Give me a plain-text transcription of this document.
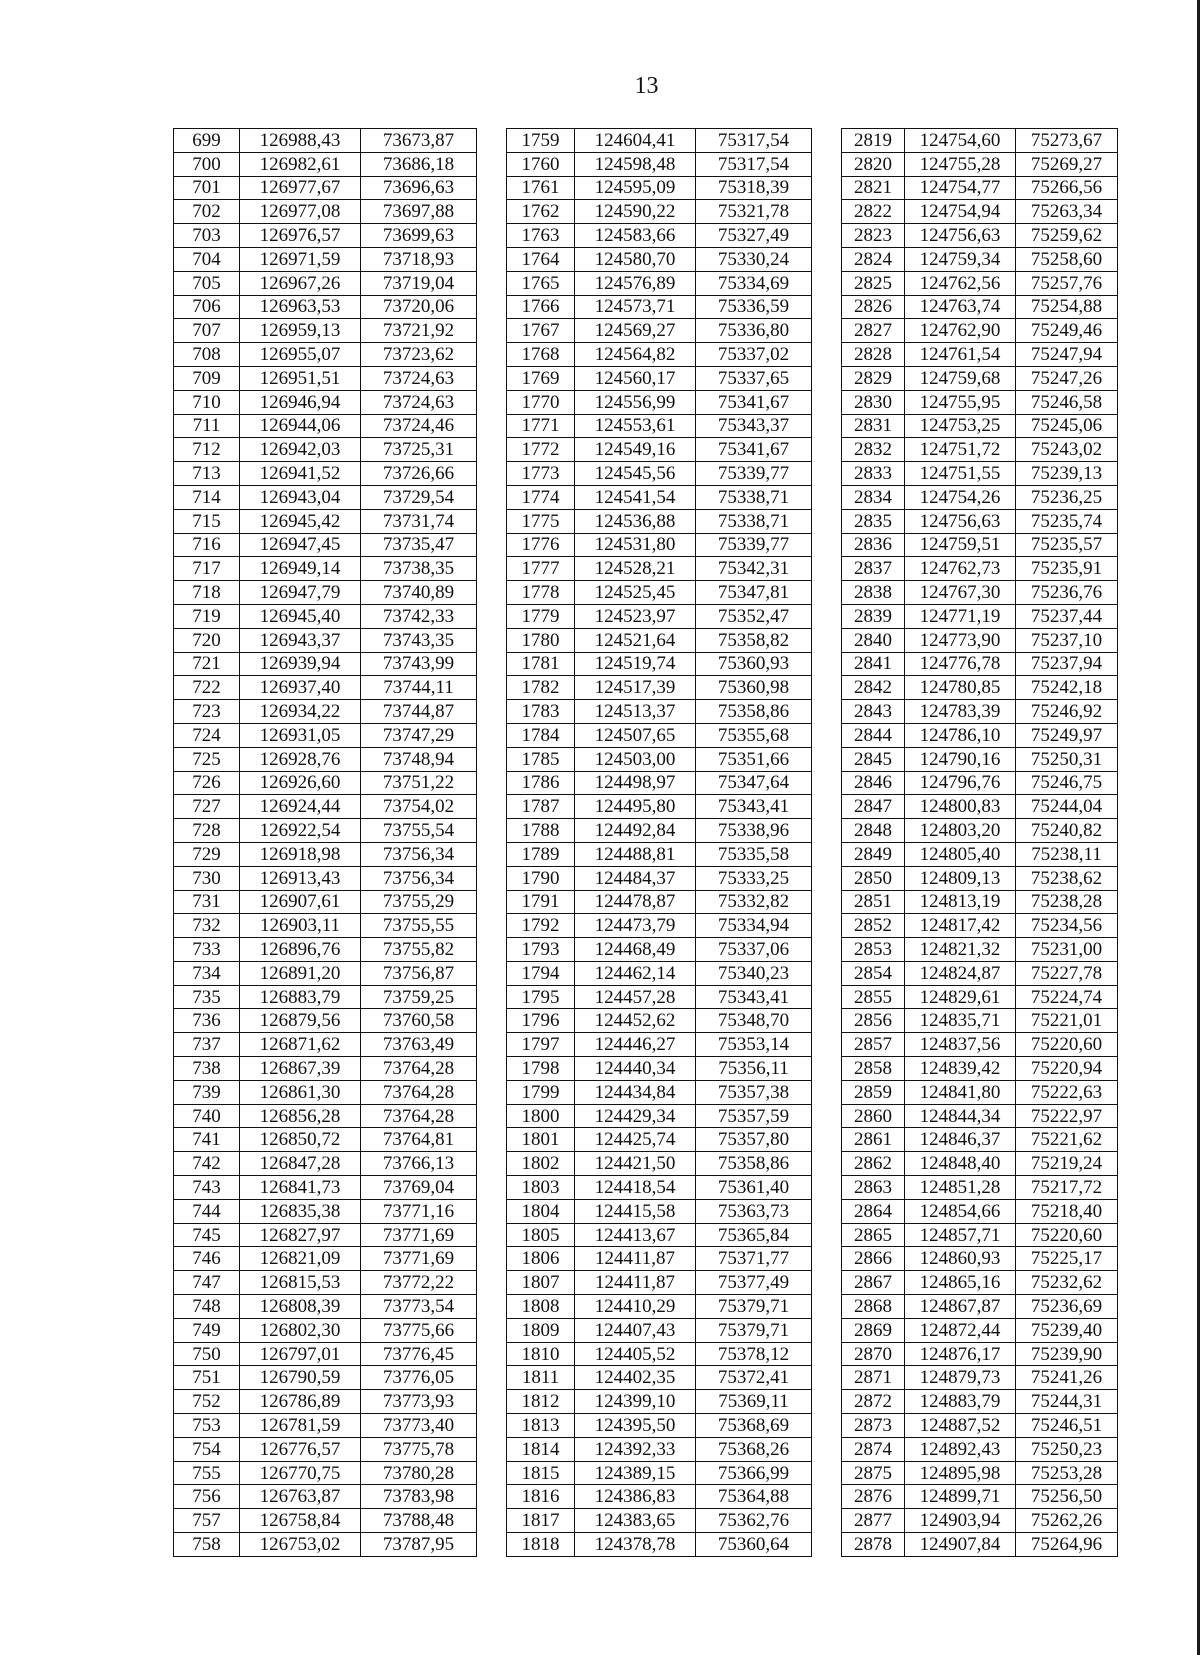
13
699	126988,43	73673,87		1759	124604,41	75317,54		2819	124754,60	75273,67
700	126982,61	73686,18		1760	124598,48	75317,54		2820	124755,28	75269,27
701	126977,67	73696,63		1761	124595,09	75318,39		2821	124754,77	75266,56
702	126977,08	73697,88		1762	124590,22	75321,78		2822	124754,94	75263,34
703	126976,57	73699,63		1763	124583,66	75327,49		2823	124756,63	75259,62
704	126971,59	73718,93		1764	124580,70	75330,24		2824	124759,34	75258,60
705	126967,26	73719,04		1765	124576,89	75334,69		2825	124762,56	75257,76
706	126963,53	73720,06		1766	124573,71	75336,59		2826	124763,74	75254,88
707	126959,13	73721,92		1767	124569,27	75336,80		2827	124762,90	75249,46
708	126955,07	73723,62		1768	124564,82	75337,02		2828	124761,54	75247,94
709	126951,51	73724,63		1769	124560,17	75337,65		2829	124759,68	75247,26
710	126946,94	73724,63		1770	124556,99	75341,67		2830	124755,95	75246,58
711	126944,06	73724,46		1771	124553,61	75343,37		2831	124753,25	75245,06
712	126942,03	73725,31		1772	124549,16	75341,67		2832	124751,72	75243,02
713	126941,52	73726,66		1773	124545,56	75339,77		2833	124751,55	75239,13
714	126943,04	73729,54		1774	124541,54	75338,71		2834	124754,26	75236,25
715	126945,42	73731,74		1775	124536,88	75338,71		2835	124756,63	75235,74
716	126947,45	73735,47		1776	124531,80	75339,77		2836	124759,51	75235,57
717	126949,14	73738,35		1777	124528,21	75342,31		2837	124762,73	75235,91
718	126947,79	73740,89		1778	124525,45	75347,81		2838	124767,30	75236,76
719	126945,40	73742,33		1779	124523,97	75352,47		2839	124771,19	75237,44
720	126943,37	73743,35		1780	124521,64	75358,82		2840	124773,90	75237,10
721	126939,94	73743,99		1781	124519,74	75360,93		2841	124776,78	75237,94
722	126937,40	73744,11		1782	124517,39	75360,98		2842	124780,85	75242,18
723	126934,22	73744,87		1783	124513,37	75358,86		2843	124783,39	75246,92
724	126931,05	73747,29		1784	124507,65	75355,68		2844	124786,10	75249,97
725	126928,76	73748,94		1785	124503,00	75351,66		2845	124790,16	75250,31
726	126926,60	73751,22		1786	124498,97	75347,64		2846	124796,76	75246,75
727	126924,44	73754,02		1787	124495,80	75343,41		2847	124800,83	75244,04
728	126922,54	73755,54		1788	124492,84	75338,96		2848	124803,20	75240,82
729	126918,98	73756,34		1789	124488,81	75335,58		2849	124805,40	75238,11
730	126913,43	73756,34		1790	124484,37	75333,25		2850	124809,13	75238,62
731	126907,61	73755,29		1791	124478,87	75332,82		2851	124813,19	75238,28
732	126903,11	73755,55		1792	124473,79	75334,94		2852	124817,42	75234,56
733	126896,76	73755,82		1793	124468,49	75337,06		2853	124821,32	75231,00
734	126891,20	73756,87		1794	124462,14	75340,23		2854	124824,87	75227,78
735	126883,79	73759,25		1795	124457,28	75343,41		2855	124829,61	75224,74
736	126879,56	73760,58		1796	124452,62	75348,70		2856	124835,71	75221,01
737	126871,62	73763,49		1797	124446,27	75353,14		2857	124837,56	75220,60
738	126867,39	73764,28		1798	124440,34	75356,11		2858	124839,42	75220,94
739	126861,30	73764,28		1799	124434,84	75357,38		2859	124841,80	75222,63
740	126856,28	73764,28		1800	124429,34	75357,59		2860	124844,34	75222,97
741	126850,72	73764,81		1801	124425,74	75357,80		2861	124846,37	75221,62
742	126847,28	73766,13		1802	124421,50	75358,86		2862	124848,40	75219,24
743	126841,73	73769,04		1803	124418,54	75361,40		2863	124851,28	75217,72
744	126835,38	73771,16		1804	124415,58	75363,73		2864	124854,66	75218,40
745	126827,97	73771,69		1805	124413,67	75365,84		2865	124857,71	75220,60
746	126821,09	73771,69		1806	124411,87	75371,77		2866	124860,93	75225,17
747	126815,53	73772,22		1807	124411,87	75377,49		2867	124865,16	75232,62
748	126808,39	73773,54		1808	124410,29	75379,71		2868	124867,87	75236,69
749	126802,30	73775,66		1809	124407,43	75379,71		2869	124872,44	75239,40
750	126797,01	73776,45		1810	124405,52	75378,12		2870	124876,17	75239,90
751	126790,59	73776,05		1811	124402,35	75372,41		2871	124879,73	75241,26
752	126786,89	73773,93		1812	124399,10	75369,11		2872	124883,79	75244,31
753	126781,59	73773,40		1813	124395,50	75368,69		2873	124887,52	75246,51
754	126776,57	73775,78		1814	124392,33	75368,26		2874	124892,43	75250,23
755	126770,75	73780,28		1815	124389,15	75366,99		2875	124895,98	75253,28
756	126763,87	73783,98		1816	124386,83	75364,88		2876	124899,71	75256,50
757	126758,84	73788,48		1817	124383,65	75362,76		2877	124903,94	75262,26
758	126753,02	73787,95		1818	124378,78	75360,64		2878	124907,84	75264,96
